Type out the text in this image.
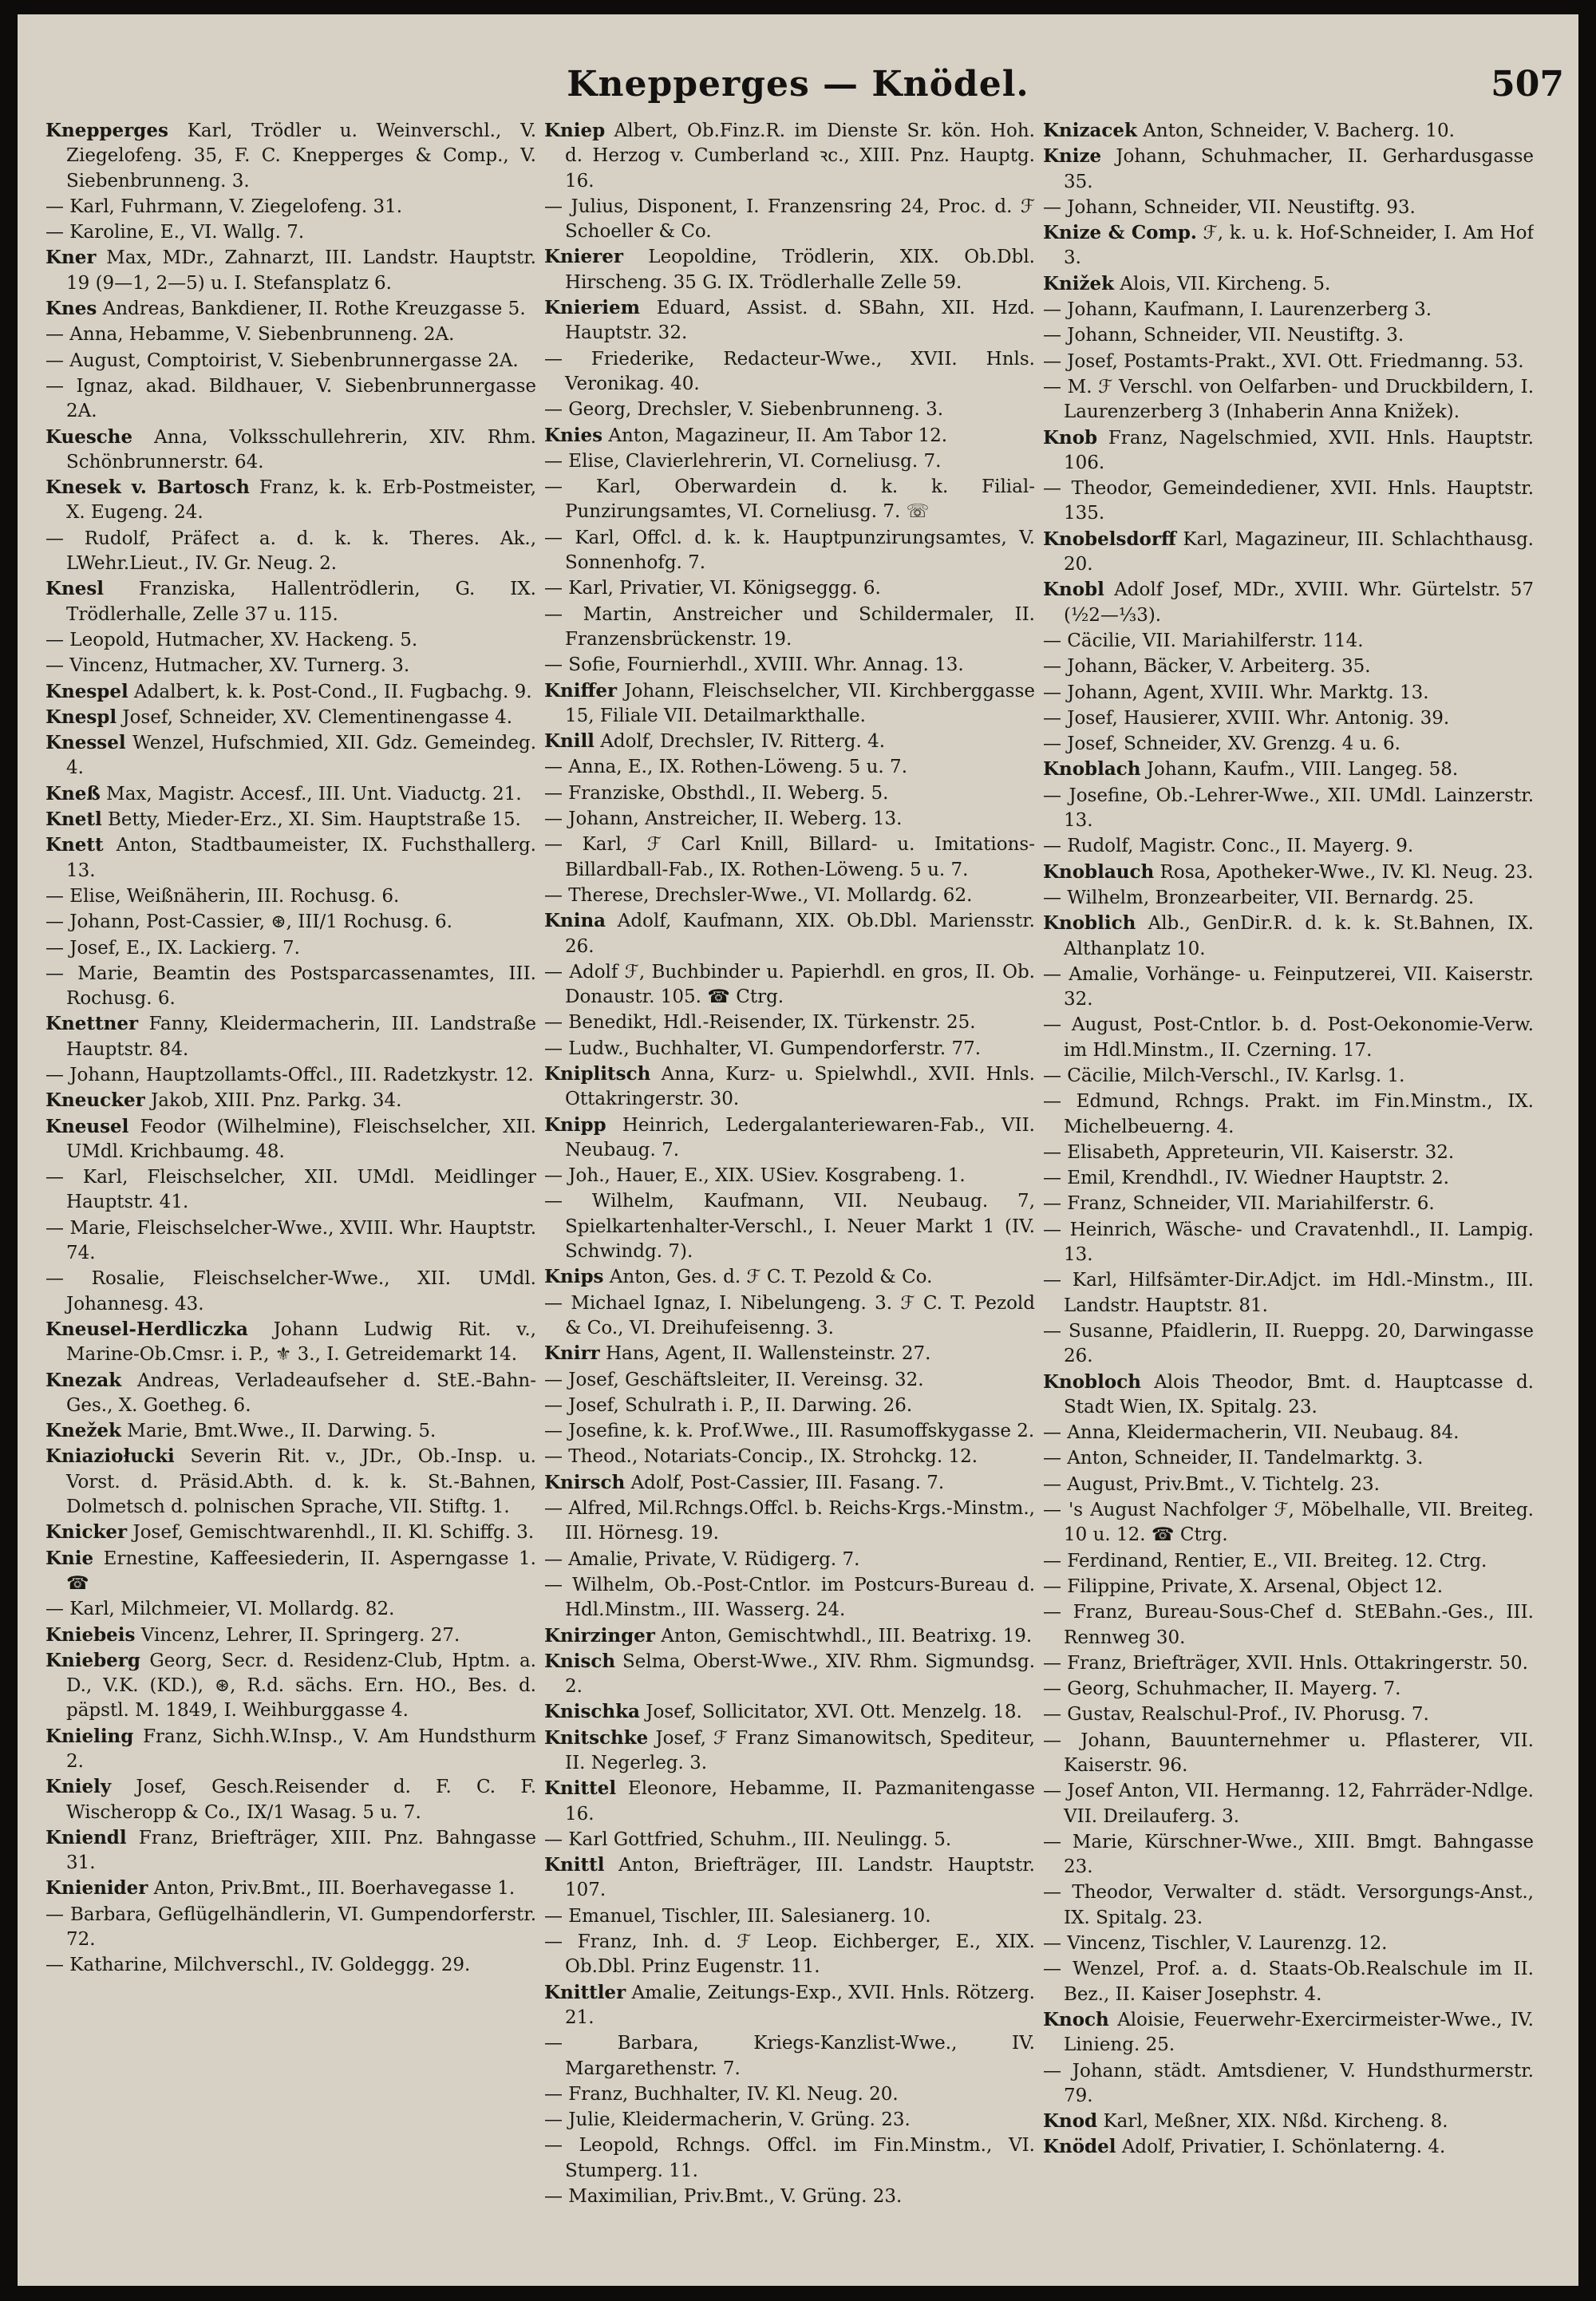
Knepperges — Knödel.	507

Knepperges Karl, Trödler u. Weinverschl., V. Ziegelofeng. 35, F. C. Knepperges & Comp., V. Siebenbrunneng. 3.

— Karl, Fuhrmann, V. Ziegelofeng. 31.

— Karoline, E., VI. Wallg. 7.

Kner Max, MDr., Zahnarzt, III. Landstr. Hauptstr. 19 (9—1, 2—5) u. I. Stefansplatz 6.

Knes Andreas, Bankdiener, II. Rothe Kreuzgasse 5.

— Anna, Hebamme, V. Siebenbrunneng. 2A.

— August, Comptoirist, V. Siebenbrunnergasse 2A.

— Ignaz, akad. Bildhauer, V. Siebenbrunnergasse 2A.

Kuesche Anna, Volksschullehrerin, XIV. Rhm. Schönbrunnerstr. 64.

Knesek v. Bartosch Franz, k. k. Erb-Postmeister, X. Eugeng. 24.

— Rudolf, Präfect a. d. k. k. Theres. Ak., LWehr.Lieut., IV. Gr. Neug. 2.

Knesl Franziska, Hallentrödlerin, G. IX. Trödlerhalle, Zelle 37 u. 115.

— Leopold, Hutmacher, XV. Hackeng. 5.

— Vincenz, Hutmacher, XV. Turnerg. 3.

Knespel Adalbert, k. k. Post-Cond., II. Fugbachg. 9.

Knespl Josef, Schneider, XV. Clementinengasse 4.

Knessel Wenzel, Hufschmied, XII. Gdz. Gemeindeg. 4.

Kneß Max, Magistr. Accesf., III. Unt. Viaductg. 21.

Knetl Betty, Mieder-Erz., XI. Sim. Hauptstraße 15.

Knett Anton, Stadtbaumeister, IX. Fuchsthallerg. 13.

— Elise, Weißnäherin, III. Rochusg. 6.

— Johann, Post-Cassier, ⊛, III/1 Rochusg. 6.

— Josef, E., IX. Lackierg. 7.

— Marie, Beamtin des Postsparcassenamtes, III. Rochusg. 6.

Knettner Fanny, Kleidermacherin, III. Landstraße Hauptstr. 84.

— Johann, Hauptzollamts-Offcl., III. Radetzkystr. 12.

Kneucker Jakob, XIII. Pnz. Parkg. 34.

Kneusel Feodor (Wilhelmine), Fleischselcher, XII. UMdl. Krichbaumg. 48.

— Karl, Fleischselcher, XII. UMdl. Meidlinger Hauptstr. 41.

— Marie, Fleischselcher-Wwe., XVIII. Whr. Hauptstr. 74.

— Rosalie, Fleischselcher-Wwe., XII. UMdl. Johannesg. 43.

Kneusel-Herdliczka Johann Ludwig Rit. v., Marine-Ob.Cmsr. i. P., ⚜ 3., I. Getreidemarkt 14.

Knezak Andreas, Verladeaufseher d. StE.-Bahn-Ges., X. Goetheg. 6.

Knežek Marie, Bmt.Wwe., II. Darwing. 5.

Kniaziołucki Severin Rit. v., JDr., Ob.-Insp. u. Vorst. d. Präsid.Abth. d. k. k. St.-Bahnen, Dolmetsch d. polnischen Sprache, VII. Stiftg. 1.

Knicker Josef, Gemischtwarenhdl., II. Kl. Schiffg. 3.

Knie Ernestine, Kaffeesiederin, II. Asperngasse 1. ☎

— Karl, Milchmeier, VI. Mollardg. 82.

Kniebeis Vincenz, Lehrer, II. Springerg. 27.

Knieberg Georg, Secr. d. Residenz-Club, Hptm. a. D., V.K. (KD.), ⊛, R.d. sächs. Ern. HO., Bes. d. päpstl. M. 1849, I. Weihburggasse 4.

Knieling Franz, Sichh.W.Insp., V. Am Hundsthurm 2.

Kniely Josef, Gesch.Reisender d. F. C. F. Wischeropp & Co., IX/1 Wasag. 5 u. 7.

Kniendl Franz, Briefträger, XIII. Pnz. Bahngasse 31.

Knienider Anton, Priv.Bmt., III. Boerhavegasse 1.

— Barbara, Geflügelhändlerin, VI. Gumpendorferstr. 72.

— Katharine, Milchverschl., IV. Goldeggg. 29.

Kniep Albert, Ob.Finz.R. im Dienste Sr. kön. Hoh. d. Herzog v. Cumberland ꝛc., XIII. Pnz. Hauptg. 16.

— Julius, Disponent, I. Franzensring 24, Proc. d. ℱ Schoeller & Co.

Knierer Leopoldine, Trödlerin, XIX. Ob.Dbl. Hirscheng. 35 G. IX. Trödlerhalle Zelle 59.

Knieriem Eduard, Assist. d. SBahn, XII. Hzd. Hauptstr. 32.

— Friederike, Redacteur-Wwe., XVII. Hnls. Veronikag. 40.

— Georg, Drechsler, V. Siebenbrunneng. 3.

Knies Anton, Magazineur, II. Am Tabor 12.

— Elise, Clavierlehrerin, VI. Corneliusg. 7.

— Karl, Oberwardein d. k. k. Filial-Punzirungsamtes, VI. Corneliusg. 7. ☏

— Karl, Offcl. d. k. k. Hauptpunzirungsamtes, V. Sonnenhofg. 7.

— Karl, Privatier, VI. Königseggg. 6.

— Martin, Anstreicher und Schildermaler, II. Franzensbrückenstr. 19.

— Sofie, Fournierhdl., XVIII. Whr. Annag. 13.

Kniffer Johann, Fleischselcher, VII. Kirchberggasse 15, Filiale VII. Detailmarkthalle.

Knill Adolf, Drechsler, IV. Ritterg. 4.

— Anna, E., IX. Rothen-Löweng. 5 u. 7.

— Franziske, Obsthdl., II. Weberg. 5.

— Johann, Anstreicher, II. Weberg. 13.

— Karl, ℱ Carl Knill, Billard- u. Imitations-Billardball-Fab., IX. Rothen-Löweng. 5 u. 7.

— Therese, Drechsler-Wwe., VI. Mollardg. 62.

Knina Adolf, Kaufmann, XIX. Ob.Dbl. Mariensstr. 26.

— Adolf ℱ, Buchbinder u. Papierhdl. en gros, II. Ob. Donaustr. 105. ☎ Ctrg.

— Benedikt, Hdl.-Reisender, IX. Türkenstr. 25.

— Ludw., Buchhalter, VI. Gumpendorferstr. 77.

Kniplitsch Anna, Kurz- u. Spielwhdl., XVII. Hnls. Ottakringerstr. 30.

Knipp Heinrich, Ledergalanteriewaren-Fab., VII. Neubaug. 7.

— Joh., Hauer, E., XIX. USiev. Kosgrabeng. 1.

— Wilhelm, Kaufmann, VII. Neubaug. 7, Spielkartenhalter-Verschl., I. Neuer Markt 1 (IV. Schwindg. 7).

Knips Anton, Ges. d. ℱ C. T. Pezold & Co.

— Michael Ignaz, I. Nibelungeng. 3. ℱ C. T. Pezold & Co., VI. Dreihufeisenng. 3.

Knirr Hans, Agent, II. Wallensteinstr. 27.

— Josef, Geschäftsleiter, II. Vereinsg. 32.

— Josef, Schulrath i. P., II. Darwing. 26.

— Josefine, k. k. Prof.Wwe., III. Rasumoffskygasse 2.

— Theod., Notariats-Concip., IX. Strohckg. 12.

Knirsch Adolf, Post-Cassier, III. Fasang. 7.

— Alfred, Mil.Rchngs.Offcl. b. Reichs-Krgs.-Minstm., III. Hörnesg. 19.

— Amalie, Private, V. Rüdigerg. 7.

— Wilhelm, Ob.-Post-Cntlor. im Postcurs-Bureau d. Hdl.Minstm., III. Wasserg. 24.

Knirzinger Anton, Gemischtwhdl., III. Beatrixg. 19.

Knisch Selma, Oberst-Wwe., XIV. Rhm. Sigmundsg. 2.

Knischka Josef, Sollicitator, XVI. Ott. Menzelg. 18.

Knitschke Josef, ℱ Franz Simanowitsch, Spediteur, II. Negerleg. 3.

Knittel Eleonore, Hebamme, II. Pazmanitengasse 16.

— Karl Gottfried, Schuhm., III. Neulingg. 5.

Knittl Anton, Briefträger, III. Landstr. Hauptstr. 107.

— Emanuel, Tischler, III. Salesianerg. 10.

— Franz, Inh. d. ℱ Leop. Eichberger, E., XIX. Ob.Dbl. Prinz Eugenstr. 11.

Knittler Amalie, Zeitungs-Exp., XVII. Hnls. Rötzerg. 21.

— Barbara, Kriegs-Kanzlist-Wwe., IV. Margarethenstr. 7.

— Franz, Buchhalter, IV. Kl. Neug. 20.

— Julie, Kleidermacherin, V. Grüng. 23.

— Leopold, Rchngs. Offcl. im Fin.Minstm., VI. Stumperg. 11.

— Maximilian, Priv.Bmt., V. Grüng. 23.

Knizacek Anton, Schneider, V. Bacherg. 10.

Knize Johann, Schuhmacher, II. Gerhardusgasse 35.

— Johann, Schneider, VII. Neustiftg. 93.

Knize & Comp. ℱ, k. u. k. Hof-Schneider, I. Am Hof 3.

Knižek Alois, VII. Kircheng. 5.

— Johann, Kaufmann, I. Laurenzerberg 3.

— Johann, Schneider, VII. Neustiftg. 3.

— Josef, Postamts-Prakt., XVI. Ott. Friedmanng. 53.

— M. ℱ Verschl. von Oelfarben- und Druckbildern, I. Laurenzerberg 3 (Inhaberin Anna Knižek).

Knob Franz, Nagelschmied, XVII. Hnls. Hauptstr. 106.

— Theodor, Gemeindediener, XVII. Hnls. Hauptstr. 135.

Knobelsdorff Karl, Magazineur, III. Schlachthausg. 20.

Knobl Adolf Josef, MDr., XVIII. Whr. Gürtelstr. 57 (½2—⅓3).

— Cäcilie, VII. Mariahilferstr. 114.

— Johann, Bäcker, V. Arbeiterg. 35.

— Johann, Agent, XVIII. Whr. Marktg. 13.

— Josef, Hausierer, XVIII. Whr. Antonig. 39.

— Josef, Schneider, XV. Grenzg. 4 u. 6.

Knoblach Johann, Kaufm., VIII. Langeg. 58.

— Josefine, Ob.-Lehrer-Wwe., XII. UMdl. Lainzerstr. 13.

— Rudolf, Magistr. Conc., II. Mayerg. 9.

Knoblauch Rosa, Apotheker-Wwe., IV. Kl. Neug. 23.

— Wilhelm, Bronzearbeiter, VII. Bernardg. 25.

Knoblich Alb., GenDir.R. d. k. k. St.Bahnen, IX. Althanplatz 10.

— Amalie, Vorhänge- u. Feinputzerei, VII. Kaiserstr. 32.

— August, Post-Cntlor. b. d. Post-Oekonomie-Verw. im Hdl.Minstm., II. Czerning. 17.

— Cäcilie, Milch-Verschl., IV. Karlsg. 1.

— Edmund, Rchngs. Prakt. im Fin.Minstm., IX. Michelbeuerng. 4.

— Elisabeth, Appreteurin, VII. Kaiserstr. 32.

— Emil, Krendhdl., IV. Wiedner Hauptstr. 2.

— Franz, Schneider, VII. Mariahilferstr. 6.

— Heinrich, Wäsche- und Cravatenhdl., II. Lampig. 13.

— Karl, Hilfsämter-Dir.Adjct. im Hdl.-Minstm., III. Landstr. Hauptstr. 81.

— Susanne, Pfaidlerin, II. Rueppg. 20, Darwingasse 26.

Knobloch Alois Theodor, Bmt. d. Hauptcasse d. Stadt Wien, IX. Spitalg. 23.

— Anna, Kleidermacherin, VII. Neubaug. 84.

— Anton, Schneider, II. Tandelmarktg. 3.

— August, Priv.Bmt., V. Tichtelg. 23.

— 's August Nachfolger ℱ, Möbelhalle, VII. Breiteg. 10 u. 12. ☎ Ctrg.

— Ferdinand, Rentier, E., VII. Breiteg. 12. Ctrg.

— Filippine, Private, X. Arsenal, Object 12.

— Franz, Bureau-Sous-Chef d. StEBahn.-Ges., III. Rennweg 30.

— Franz, Briefträger, XVII. Hnls. Ottakringerstr. 50.

— Georg, Schuhmacher, II. Mayerg. 7.

— Gustav, Realschul-Prof., IV. Phorusg. 7.

— Johann, Bauunternehmer u. Pflasterer, VII. Kaiserstr. 96.

— Josef Anton, VII. Hermanng. 12, Fahrräder-Ndlge. VII. Dreilauferg. 3.

— Marie, Kürschner-Wwe., XIII. Bmgt. Bahngasse 23.

— Theodor, Verwalter d. städt. Versorgungs-Anst., IX. Spitalg. 23.

— Vincenz, Tischler, V. Laurenzg. 12.

— Wenzel, Prof. a. d. Staats-Ob.Realschule im II. Bez., II. Kaiser Josephstr. 4.

Knoch Aloisie, Feuerwehr-Exercirmeister-Wwe., IV. Linieng. 25.

— Johann, städt. Amtsdiener, V. Hundsthurmerstr. 79.

Knod Karl, Meßner, XIX. Nßd. Kircheng. 8.

Knödel Adolf, Privatier, I. Schönlaterng. 4.
